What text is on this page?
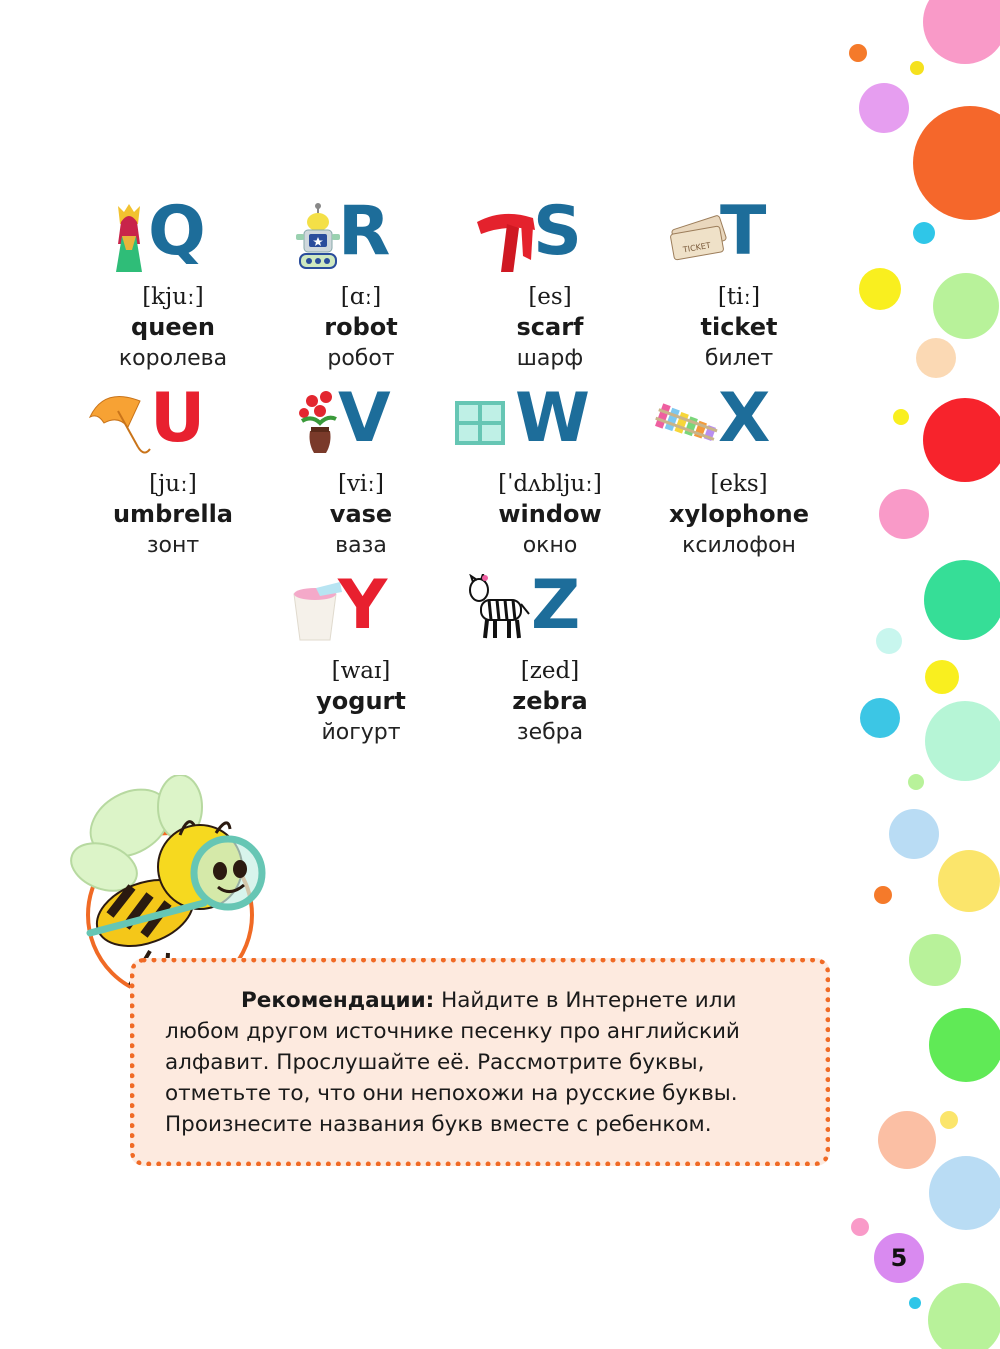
Q
[kjuː]
queen
королева
R
[ɑː]
robot
робот
S
[es]
scarf
шарф
TICKET T
[tiː]
ticket
билет
U
[juː]
umbrella
зонт
V
[viː]
vase
ваза
W
[ˈdʌbljuː]
window
окно
X
[eks]
xylophone
ксилофон
Y
[waɪ]
yogurt
йогурт
Z
[zed]
zebra
зебра

Рекомендации: Найдите в Интернете или любом другом источнике песенку про английский алфавит. Прослушайте её. Рассмотрите буквы, отметьте то, что они непохожи на русские буквы. Произнесите названия букв вместе с ребенком.

5
